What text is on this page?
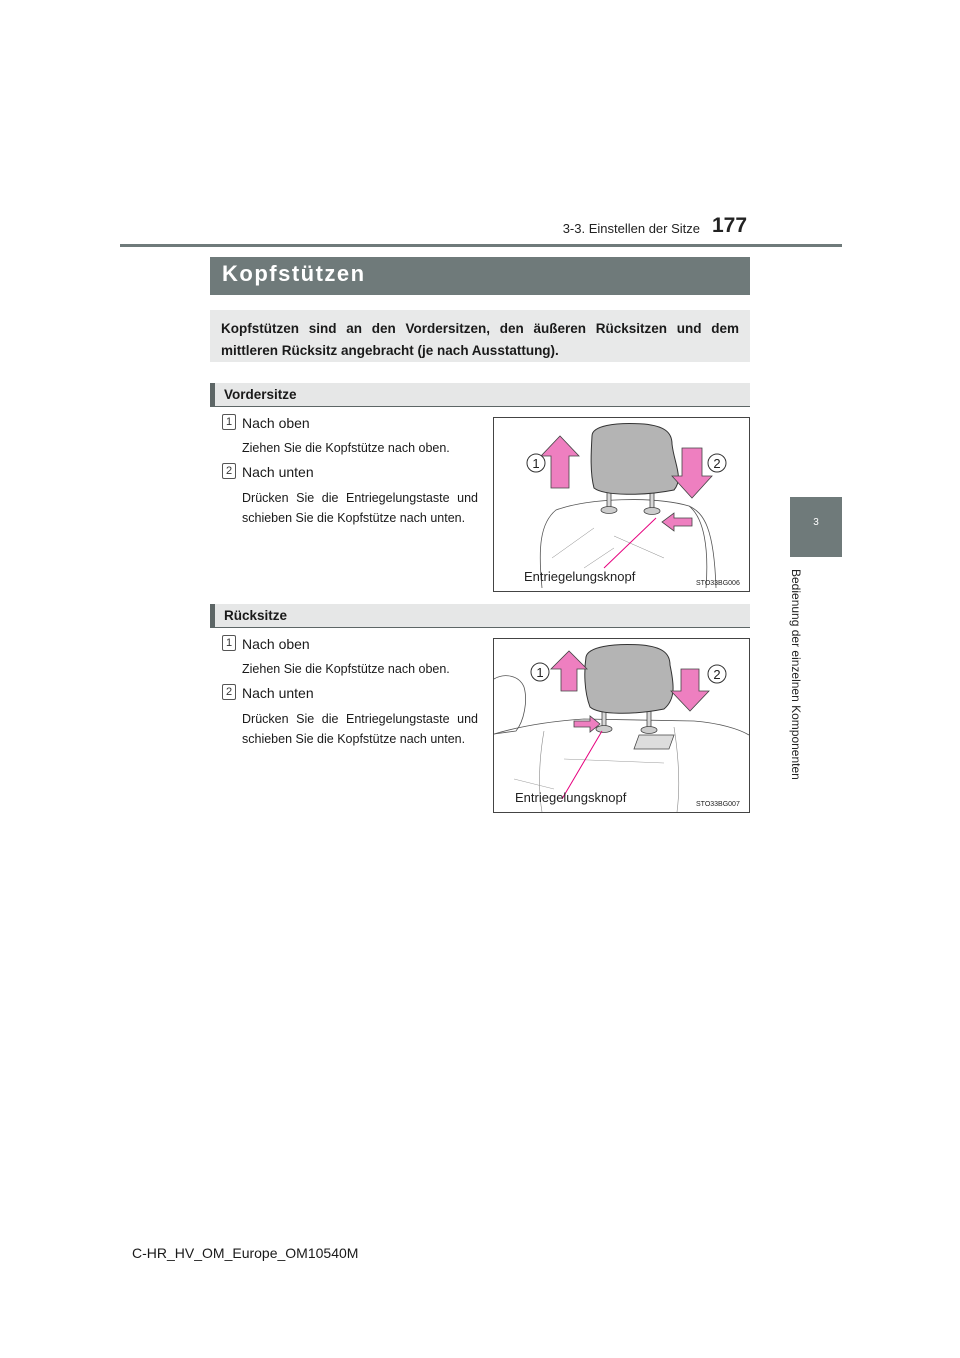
3-3. Einstellen der Sitze 177
3
Bedienung der einzelnen Komponenten
Kopfstützen
Kopfstützen sind an den Vordersitzen, den äußeren Rücksitzen und dem mittleren Rücksitz angebracht (je nach Ausstattung).
Vordersitze
1 Nach oben
Ziehen Sie die Kopfstütze nach oben.
2 Nach unten
Drücken Sie die Entriegelungstaste und schieben Sie die Kopfstütze nach unten.
1	2
Entriegelungsknopf	STO33BG006
Rücksitze
1 Nach oben
Ziehen Sie die Kopfstütze nach oben.
2 Nach unten
Drücken Sie die Entriegelungstaste und schieben Sie die Kopfstütze nach unten.
1	2
Entriegelungsknopf	STO33BG007
C-HR_HV_OM_Europe_OM10540M
